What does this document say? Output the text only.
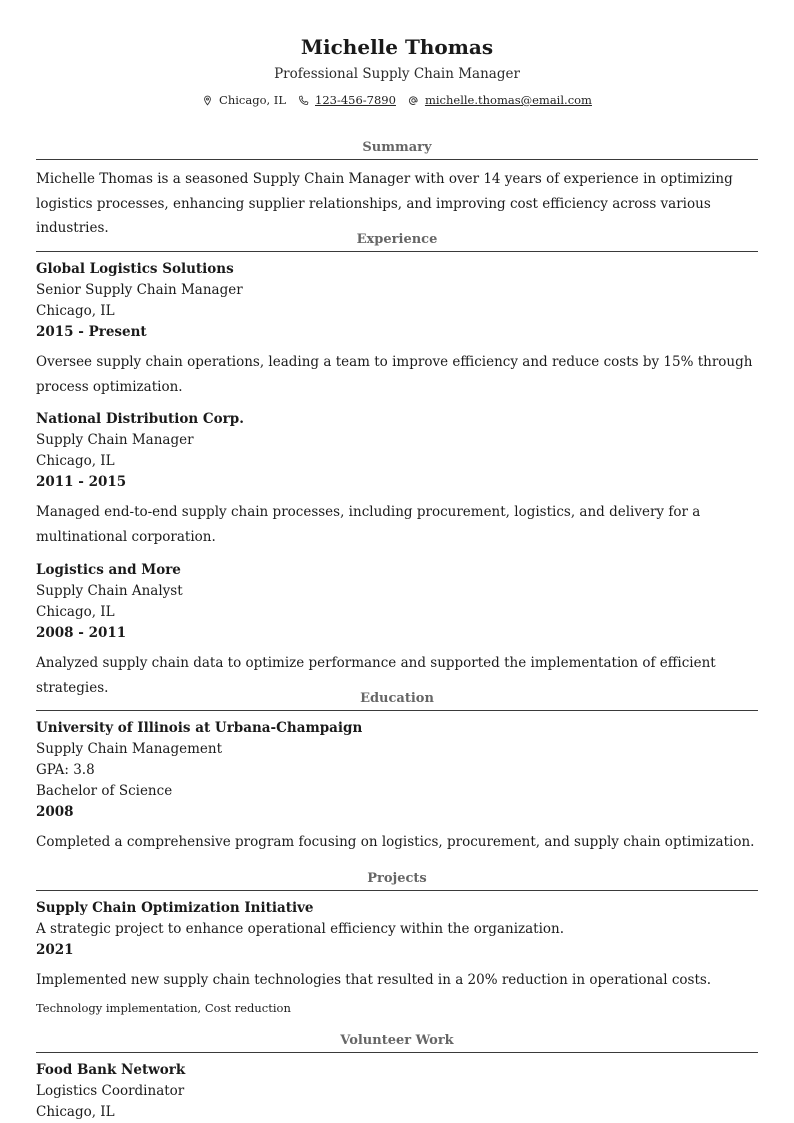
Michelle Thomas
Professional Supply Chain Manager
Chicago, IL	123-456-7890	michelle.thomas@email.com
Summary
Michelle Thomas is a seasoned Supply Chain Manager with over 14 years of experience in optimizing logistics processes, enhancing supplier relationships, and improving cost efficiency across various industries.
Experience
Global Logistics Solutions
Senior Supply Chain Manager
Chicago, IL
2015 - Present
Oversee supply chain operations, leading a team to improve efficiency and reduce costs by 15% through process optimization.
National Distribution Corp.
Supply Chain Manager
Chicago, IL
2011 - 2015
Managed end-to-end supply chain processes, including procurement, logistics, and delivery for a multinational corporation.
Logistics and More
Supply Chain Analyst
Chicago, IL
2008 - 2011
Analyzed supply chain data to optimize performance and supported the implementation of efficient strategies.
Education
University of Illinois at Urbana-Champaign
Supply Chain Management
GPA: 3.8
Bachelor of Science
2008
Completed a comprehensive program focusing on logistics, procurement, and supply chain optimization.
Projects
Supply Chain Optimization Initiative
A strategic project to enhance operational efficiency within the organization.
2021
Implemented new supply chain technologies that resulted in a 20% reduction in operational costs.
Technology implementation, Cost reduction
Volunteer Work
Food Bank Network
Logistics Coordinator
Chicago, IL
